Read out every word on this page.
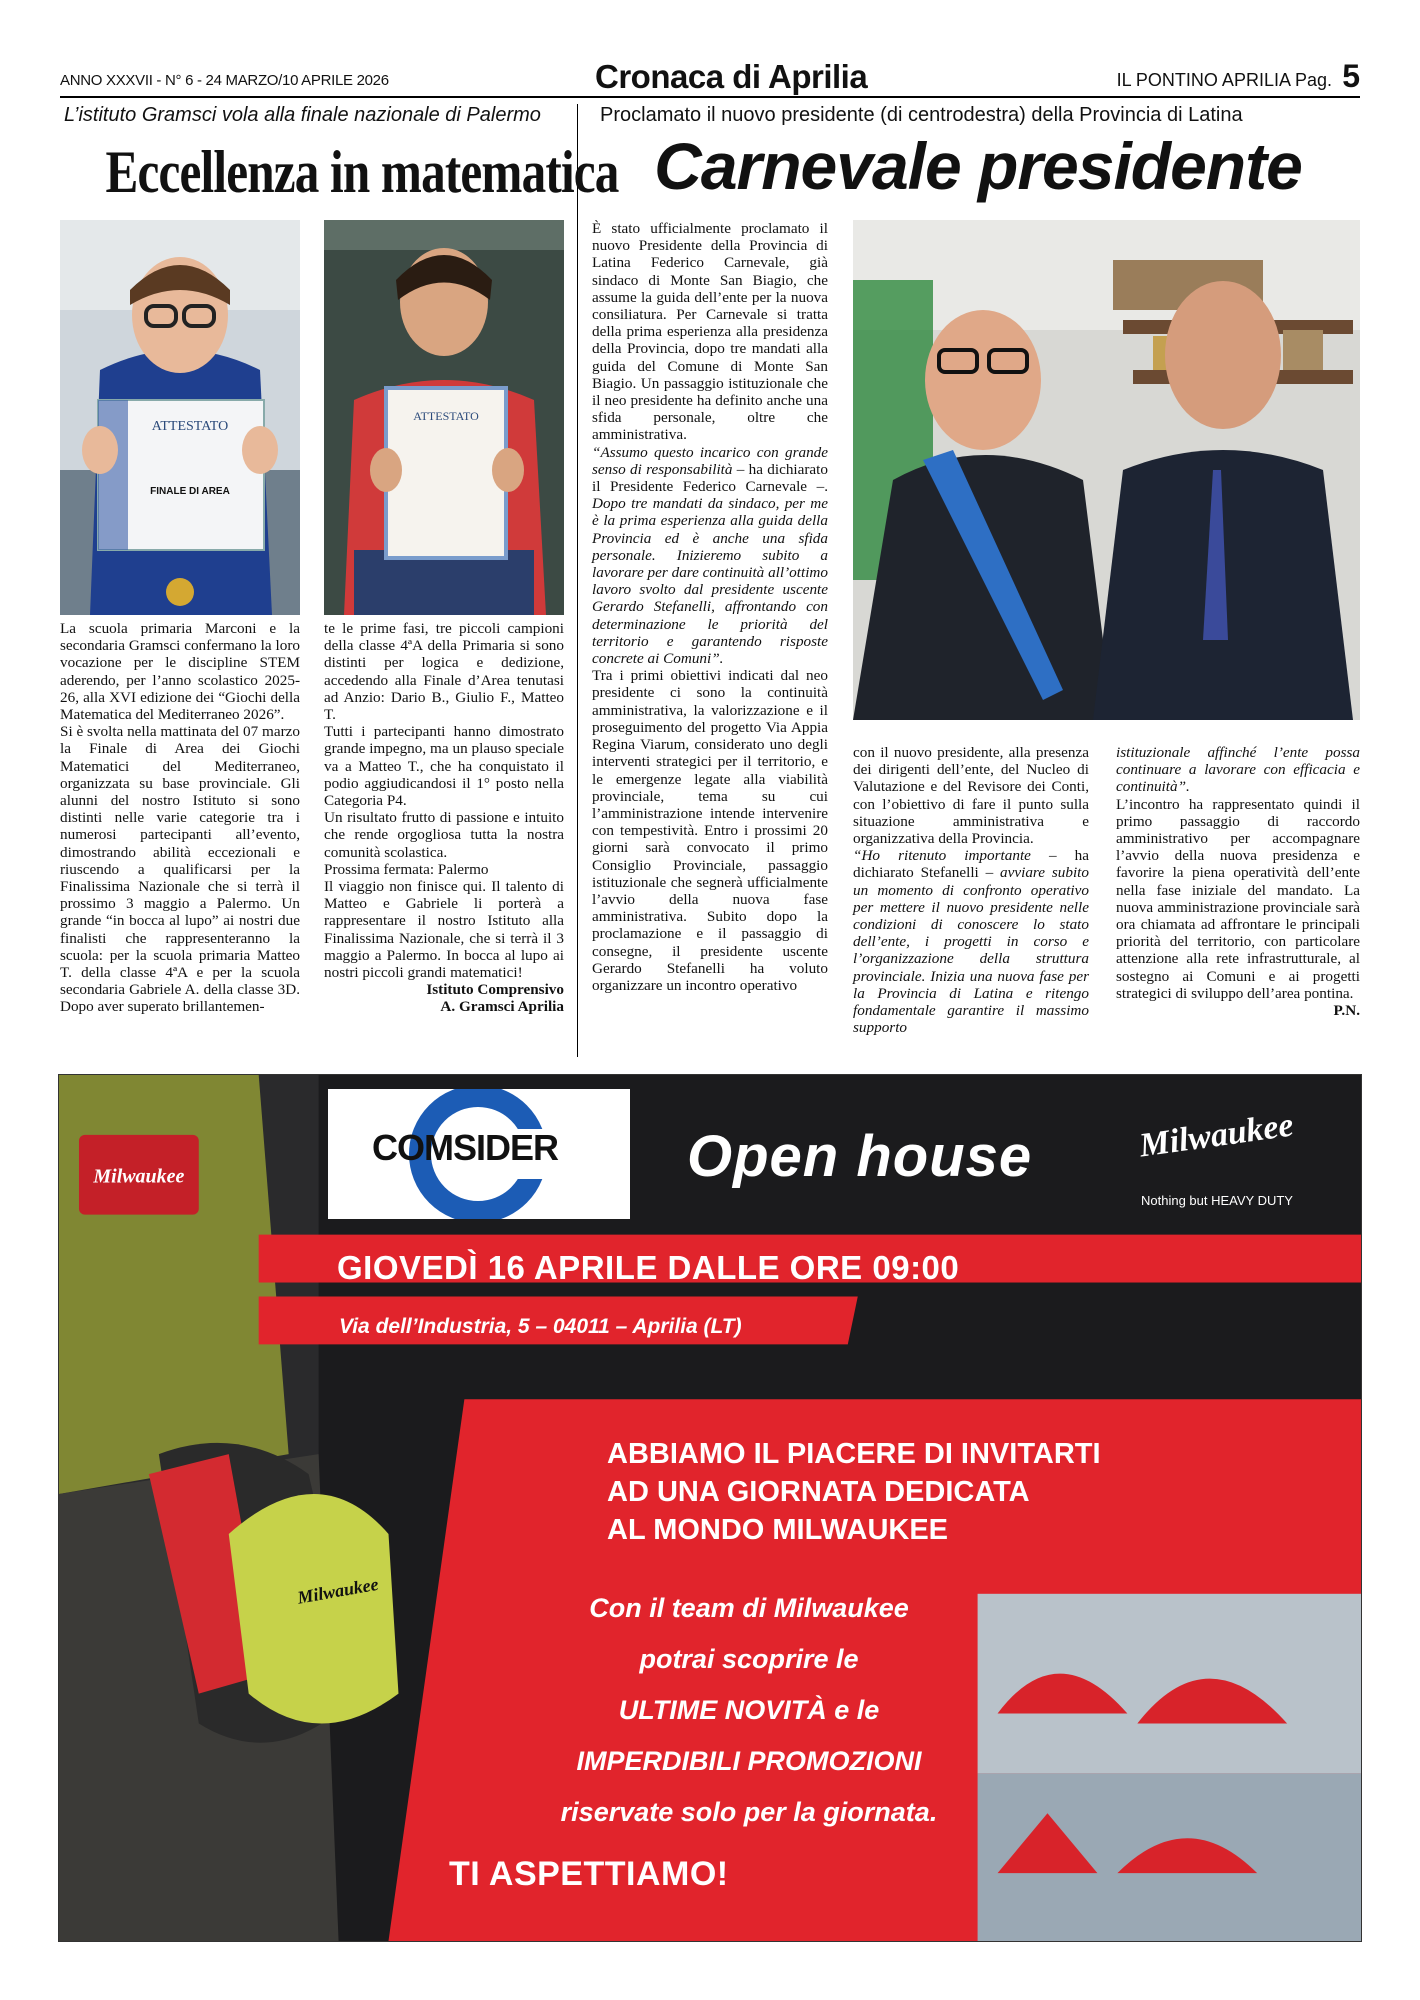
ANNO XXXVII - N° 6 - 24 MARZO/10 APRILE 2026	Cronaca di Aprilia	IL PONTINO APRILIA Pag. 5
L’istituto Gramsci vola alla finale nazionale di Palermo
Eccellenza in matematica
ATTESTATO
FINALE DI AREA
ATTESTATO

La scuola primaria Marconi e la secondaria Gramsci confermano la loro vocazione per le discipline STEM aderendo, per l’anno scolastico 2025-26, alla XVI edizione dei “Giochi della Matematica del Mediterraneo 2026”.

Si è svolta nella mattinata del 07 marzo la Finale di Area dei Giochi Matematici del Mediterraneo, organizzata su base provinciale. Gli alunni del nostro Istituto si sono distinti nelle varie categorie tra i numerosi partecipanti all’evento, dimostrando abilità eccezionali e riuscendo a qualificarsi per la Finalissima Nazionale che si terrà il prossimo 3 maggio a Palermo. Un grande “in bocca al lupo” ai nostri due finalisti che rappresenteranno la scuola: per la scuola primaria Matteo T. della classe 4ªA e per la scuola secondaria Gabriele A. della classe 3D. Dopo aver superato brillantemen-

te le prime fasi, tre piccoli campioni della classe 4ªA della Primaria si sono distinti per logica e dedizione, accedendo alla Finale d’Area tenutasi ad Anzio: Dario B., Giulio F., Matteo T.

Tutti i partecipanti hanno dimostrato grande impegno, ma un plauso speciale va a Matteo T., che ha conquistato il podio aggiudicandosi il 1° posto nella Categoria P4.

Un risultato frutto di passione e intuito che rende orgogliosa tutta la nostra comunità scolastica.

Prossima fermata: Palermo

Il viaggio non finisce qui. Il talento di Matteo e Gabriele li porterà a rappresentare il nostro Istituto alla Finalissima Nazionale, che si terrà il 3 maggio a Palermo. In bocca al lupo ai nostri piccoli grandi matematici!

Istituto Comprensivo

A. Gramsci Aprilia

Proclamato il nuovo presidente (di centrodestra) della Provincia di Latina
Carnevale presidente

È stato ufficialmente proclamato il nuovo Presidente della Provincia di Latina Federico Carnevale, già sindaco di Monte San Biagio, che assume la guida dell’ente per la nuova consiliatura. Per Carnevale si tratta della prima esperienza alla presidenza della Provincia, dopo tre mandati alla guida del Comune di Monte San Biagio. Un passaggio istituzionale che il neo presidente ha definito anche una sfida personale, oltre che amministrativa.

“Assumo questo incarico con grande senso di responsabilità – ha dichiarato il Presidente Federico Carnevale –. Dopo tre mandati da sindaco, per me è la prima esperienza alla guida della Provincia ed è anche una sfida personale. Inizieremo subito a lavorare per dare continuità all’ottimo lavoro svolto dal presidente uscente Gerardo Stefanelli, affrontando con determinazione le priorità del territorio e garantendo risposte concrete ai Comuni”.

Tra i primi obiettivi indicati dal neo presidente ci sono la continuità amministrativa, la valorizzazione e il proseguimento del progetto Via Appia Regina Viarum, considerato uno degli interventi strategici per il territorio, e le emergenze legate alla viabilità provinciale, tema su cui l’amministrazione intende intervenire con tempestività. Entro i prossimi 20 giorni sarà convocato il primo Consiglio Provinciale, passaggio istituzionale che segnerà ufficialmente l’avvio della nuova fase amministrativa. Subito dopo la proclamazione e il passaggio di consegne, il presidente uscente Gerardo Stefanelli ha voluto organizzare un incontro operativo

con il nuovo presidente, alla presenza dei dirigenti dell’ente, del Nucleo di Valutazione e del Revisore dei Conti, con l’obiettivo di fare il punto sulla situazione amministrativa e organizzativa della Provincia.

“Ho ritenuto importante – ha dichiarato Stefanelli – avviare subito un momento di confronto operativo per mettere il nuovo presidente nelle condizioni di conoscere lo stato dell’ente, i progetti in corso e l’organizzazione della struttura provinciale. Inizia una nuova fase per la Provincia di Latina e ritengo fondamentale garantire il massimo supporto

istituzionale affinché l’ente possa continuare a lavorare con efficacia e continuità”.

L’incontro ha rappresentato quindi il primo passaggio di raccordo amministrativo per accompagnare l’avvio della nuova presidenza e favorire la piena operatività dell’ente nella fase iniziale del mandato. La nuova amministrazione provinciale sarà ora chiamata ad affrontare le principali priorità del territorio, con particolare attenzione alla rete infrastrutturale, al sostegno ai Comuni e ai progetti strategici di sviluppo dell’area pontina.

P.N.

Milwaukee
Milwaukee
COMSIDER Open house	Milwaukee
Nothing but HEAVY DUTY
GIOVEDÌ 16 APRILE DALLE ORE 09:00
Via dell’Industria, 5 – 04011 – Aprilia (LT)
ABBIAMO IL PIACERE DI INVITARTI
AD UNA GIORNATA DEDICATA
AL MONDO MILWAUKEE
Con il team di Milwaukee
potrai scoprire le
ULTIME NOVITÀ e le
IMPERDIBILI PROMOZIONI
riservate solo per la giornata.
TI ASPETTIAMO!
